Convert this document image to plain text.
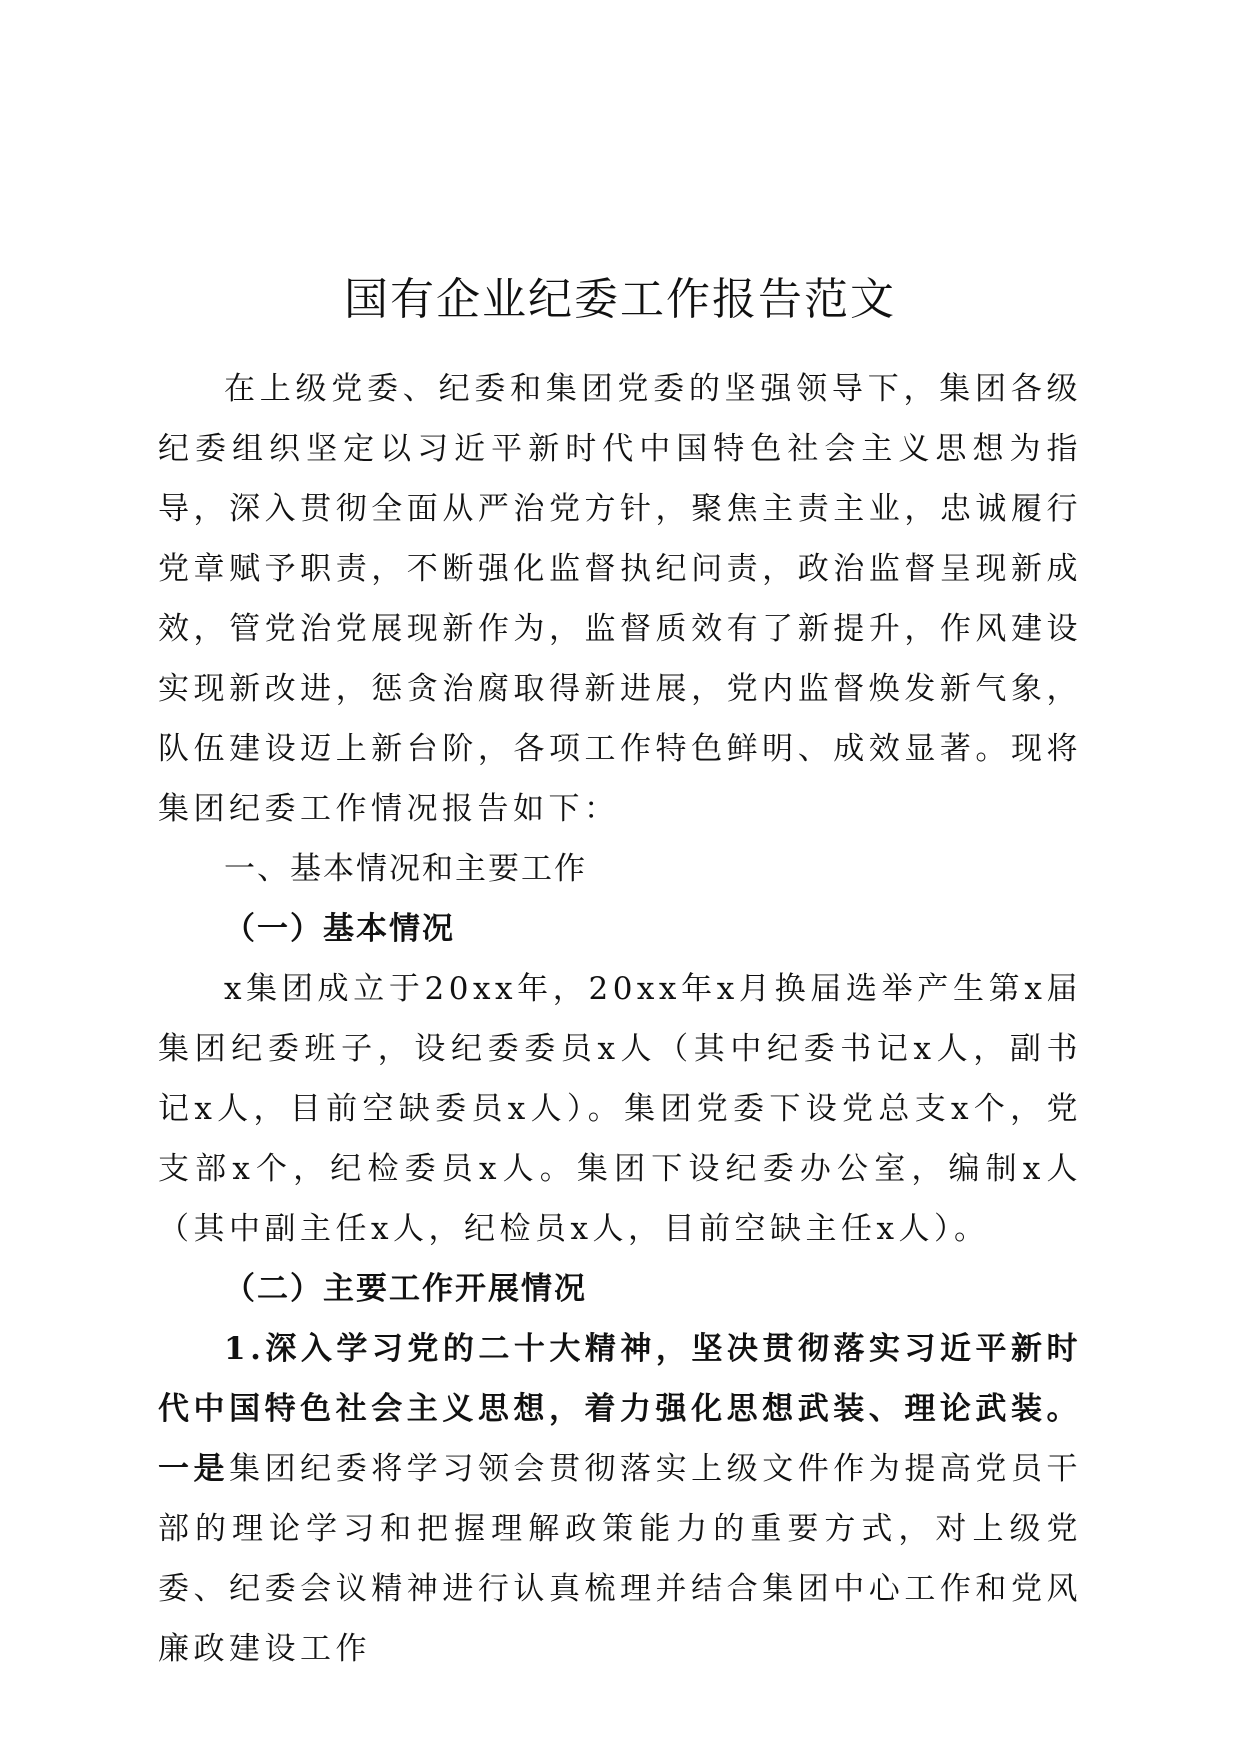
国有企业纪委工作报告范文

在上级党委、纪委和集团党委的坚强领导下，集团各级纪委组织坚定以习近平新时代中国特色社会主义思想为指导，深入贯彻全面从严治党方针，聚焦主责主业，忠诚履行党章赋予职责，不断强化监督执纪问责，政治监督呈现新成效，管党治党展现新作为，监督质效有了新提升，作风建设实现新改进，惩贪治腐取得新进展，党内监督焕发新气象，队伍建设迈上新台阶，各项工作特色鲜明、成效显著。现将集团纪委工作情况报告如下：

一、基本情况和主要工作

（一）基本情况

x集团成立于20xx年，20xx年x月换届选举产生第x届集团纪委班子，设纪委委员x人（其中纪委书记x人，副书记x人，目前空缺委员x人）。集团党委下设党总支x个，党支部x个，纪检委员x人。集团下设纪委办公室，编制x人（其中副主任x人，纪检员x人，目前空缺主任x人）。

（二）主要工作开展情况

1.深入学习党的二十大精神，坚决贯彻落实习近平新时代中国特色社会主义思想，着力强化思想武装、理论武装。一是集团纪委将学习领会贯彻落实上级文件作为提高党员干部的理论学习和把握理解政策能力的重要方式，对上级党委、纪委会议精神进行认真梳理并结合集团中心工作和党风廉政建设工作
